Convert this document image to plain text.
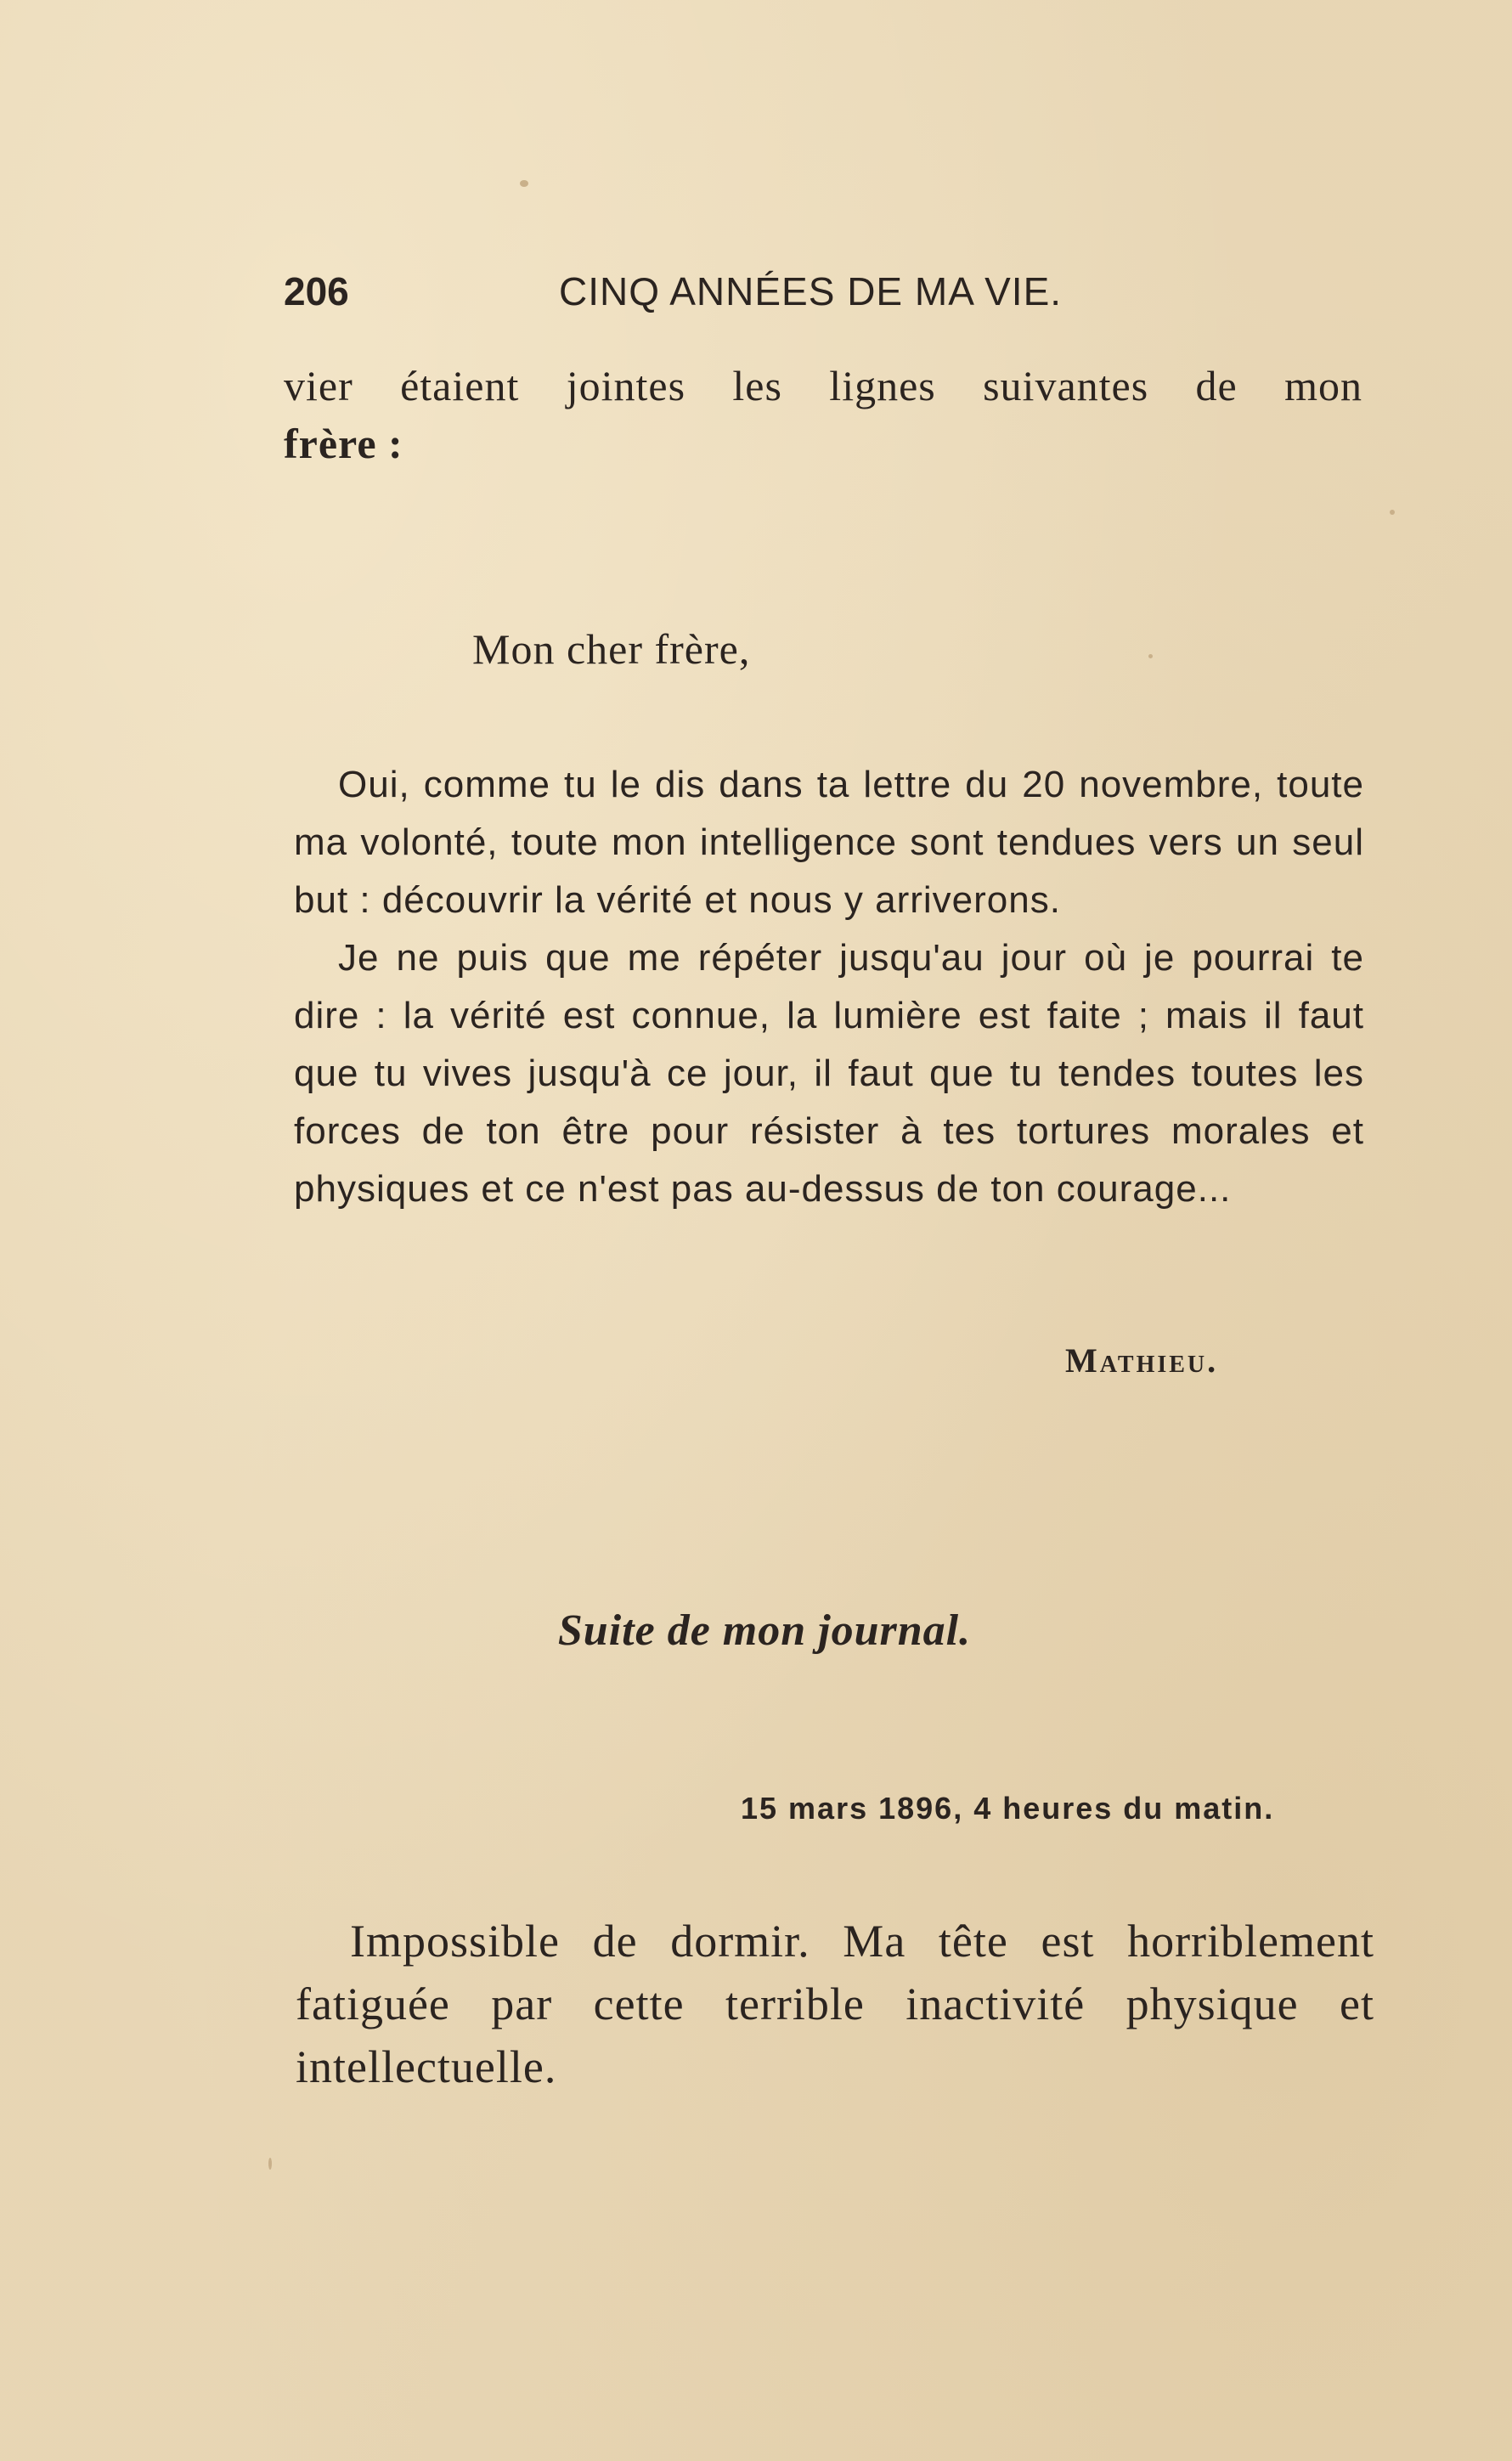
206	CINQ ANNÉES DE MA VIE.
vier étaient jointes les lignes suivantes de mon
frère :
Mon cher frère,

Oui, comme tu le dis dans ta lettre du 20 novembre, toute ma volonté, toute mon intelligence sont tendues vers un seul but : découvrir la vérité et nous y arriverons.

Je ne puis que me répéter jusqu'au jour où je pourrai te dire : la vérité est connue, la lumière est faite ; mais il faut que tu vives jusqu'à ce jour, il faut que tu tendes toutes les forces de ton être pour résister à tes tortures morales et physiques et ce n'est pas au-dessus de ton courage...

Mathieu.
Suite de mon journal.
15 mars 1896, 4 heures du matin.

Impossible de dormir. Ma tête est horriblement fatiguée par cette terrible inactivité physique et intellectuelle.
